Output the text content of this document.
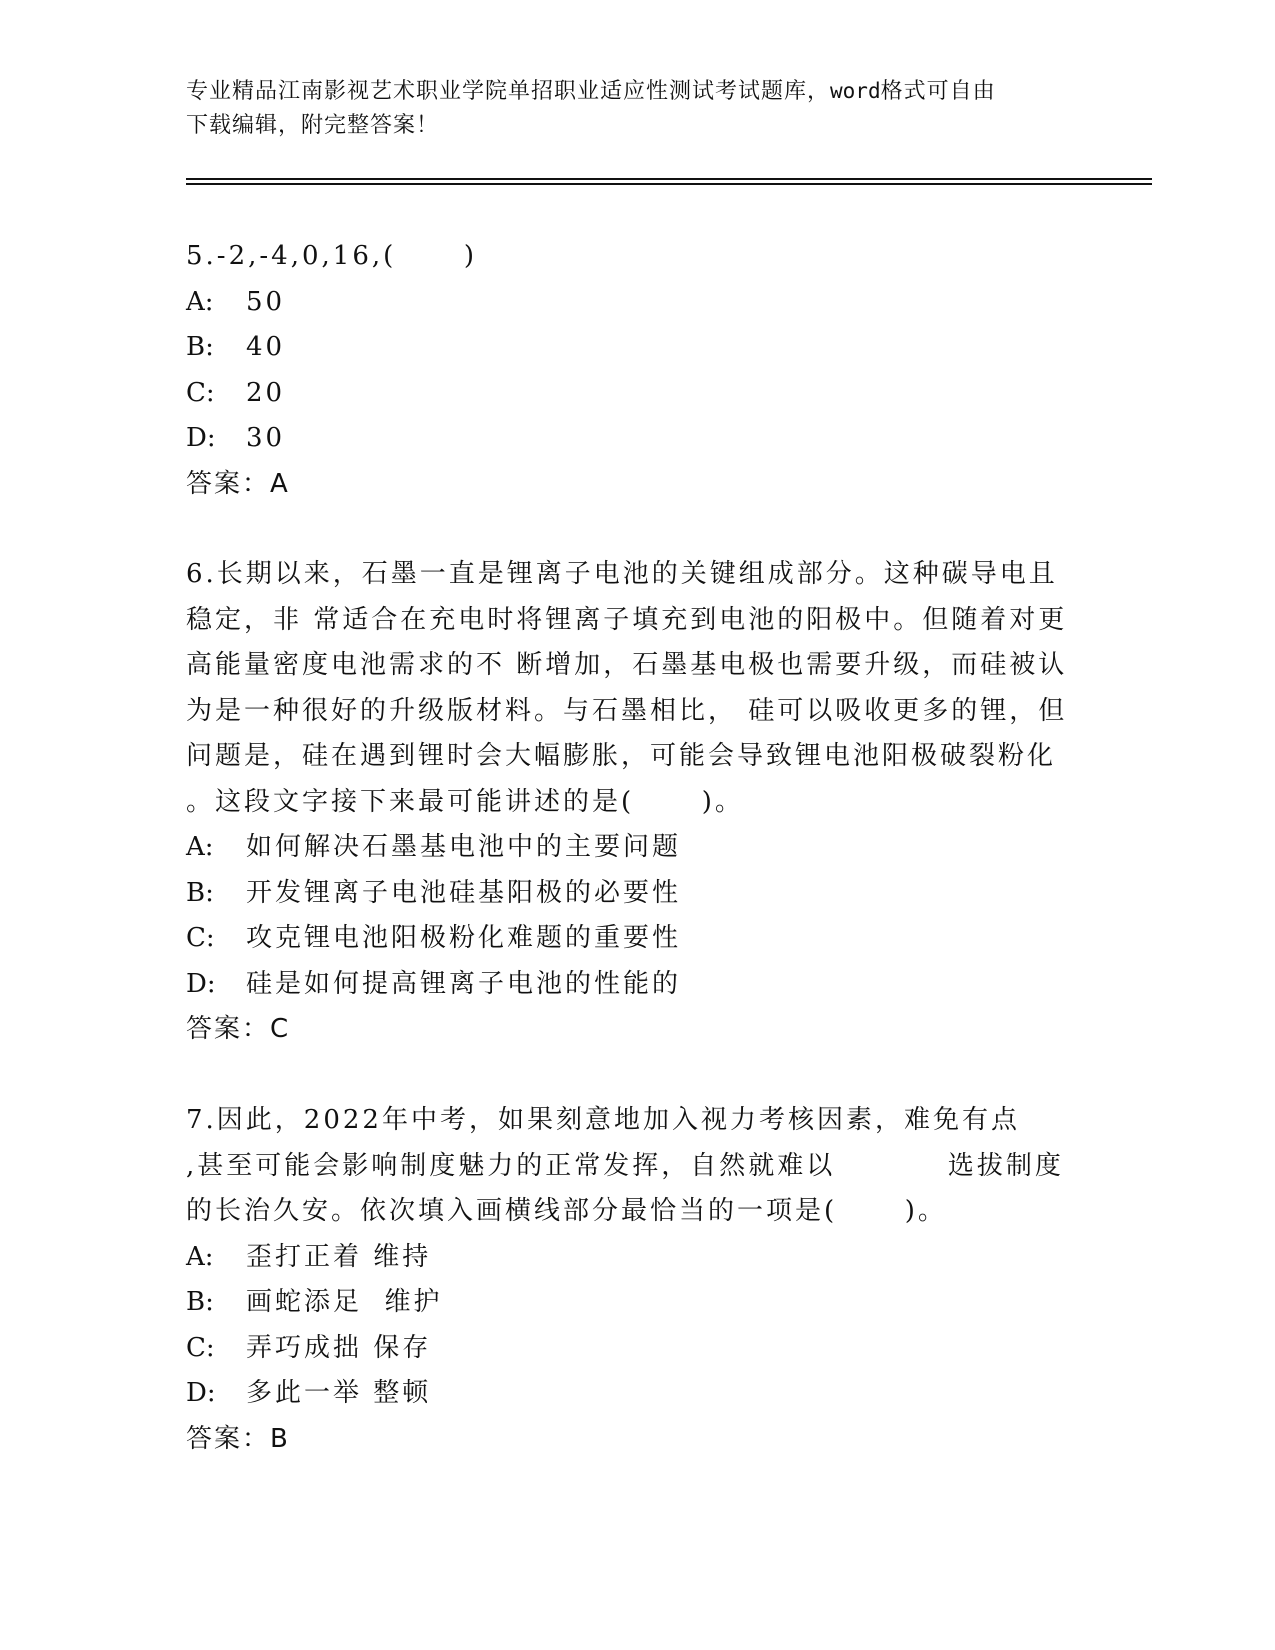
专业精品江南影视艺术职业学院单招职业适应性测试考试题库，word格式可自由
下载编辑，附完整答案！
5.-2,-4,0,16,(      )
A:	50
B:	40
C:	20
D:	30
答案：A
6.长期以来，石墨一直是锂离子电池的关键组成部分。这种碳导电且
稳定，非 常适合在充电时将锂离子填充到电池的阳极中。但随着对更
高能量密度电池需求的不 断增加，石墨基电极也需要升级，而硅被认
为是一种很好的升级版材料。与石墨相比， 硅可以吸收更多的锂，但
问题是，硅在遇到锂时会大幅膨胀，可能会导致锂电池阳极破裂粉化
。这段文字接下来最可能讲述的是(      )。
A:	如何解决石墨基电池中的主要问题
B:	开发锂离子电池硅基阳极的必要性
C:	攻克锂电池阳极粉化难题的重要性
D:	硅是如何提高锂离子电池的性能的
答案：C
7.因此，2022年中考，如果刻意地加入视力考核因素，难免有点
,甚至可能会影响制度魅力的正常发挥，自然就难以          选拔制度
的长治久安。依次填入画横线部分最恰当的一项是(      )。
A:	歪打正着 维持
B:	画蛇添足  维护
C:	弄巧成拙 保存
D:	多此一举 整顿
答案：B
